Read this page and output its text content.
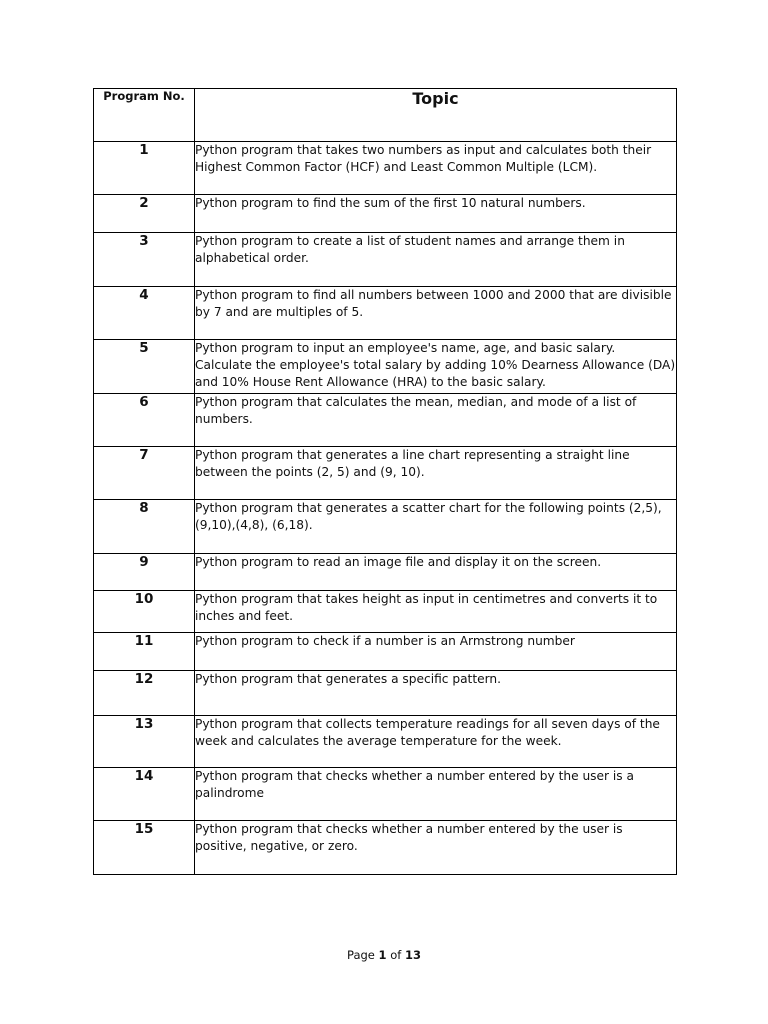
Program No.	Topic
1	Python program that takes two numbers as input and calculates both their Highest Common Factor (HCF) and Least Common Multiple (LCM).
2	Python program to find the sum of the first 10 natural numbers.
3	Python program to create a list of student names and arrange them in alphabetical order.
4	Python program to find all numbers between 1000 and 2000 that are divisible by 7 and are multiples of 5.
5	Python program to input an employee's name, age, and basic salary. Calculate the employee's total salary by adding 10% Dearness Allowance (DA) and 10% House Rent Allowance (HRA) to the basic salary.
6	Python program that calculates the mean, median, and mode of a list of numbers.
7	Python program that generates a line chart representing a straight line between the points (2, 5) and (9, 10).
8	Python program that generates a scatter chart for the following points (2,5), (9,10),(4,8), (6,18).
9	Python program to read an image file and display it on the screen.
10	Python program that takes height as input in centimetres and converts it to inches and feet.
11	Python program to check if a number is an Armstrong number
12	Python program that generates a specific pattern.
13	Python program that collects temperature readings for all seven days of the week and calculates the average temperature for the week.
14	Python program that checks whether a number entered by the user is a palindrome
15	Python program that checks whether a number entered by the user is positive, negative, or zero.
Page 1 of 13
